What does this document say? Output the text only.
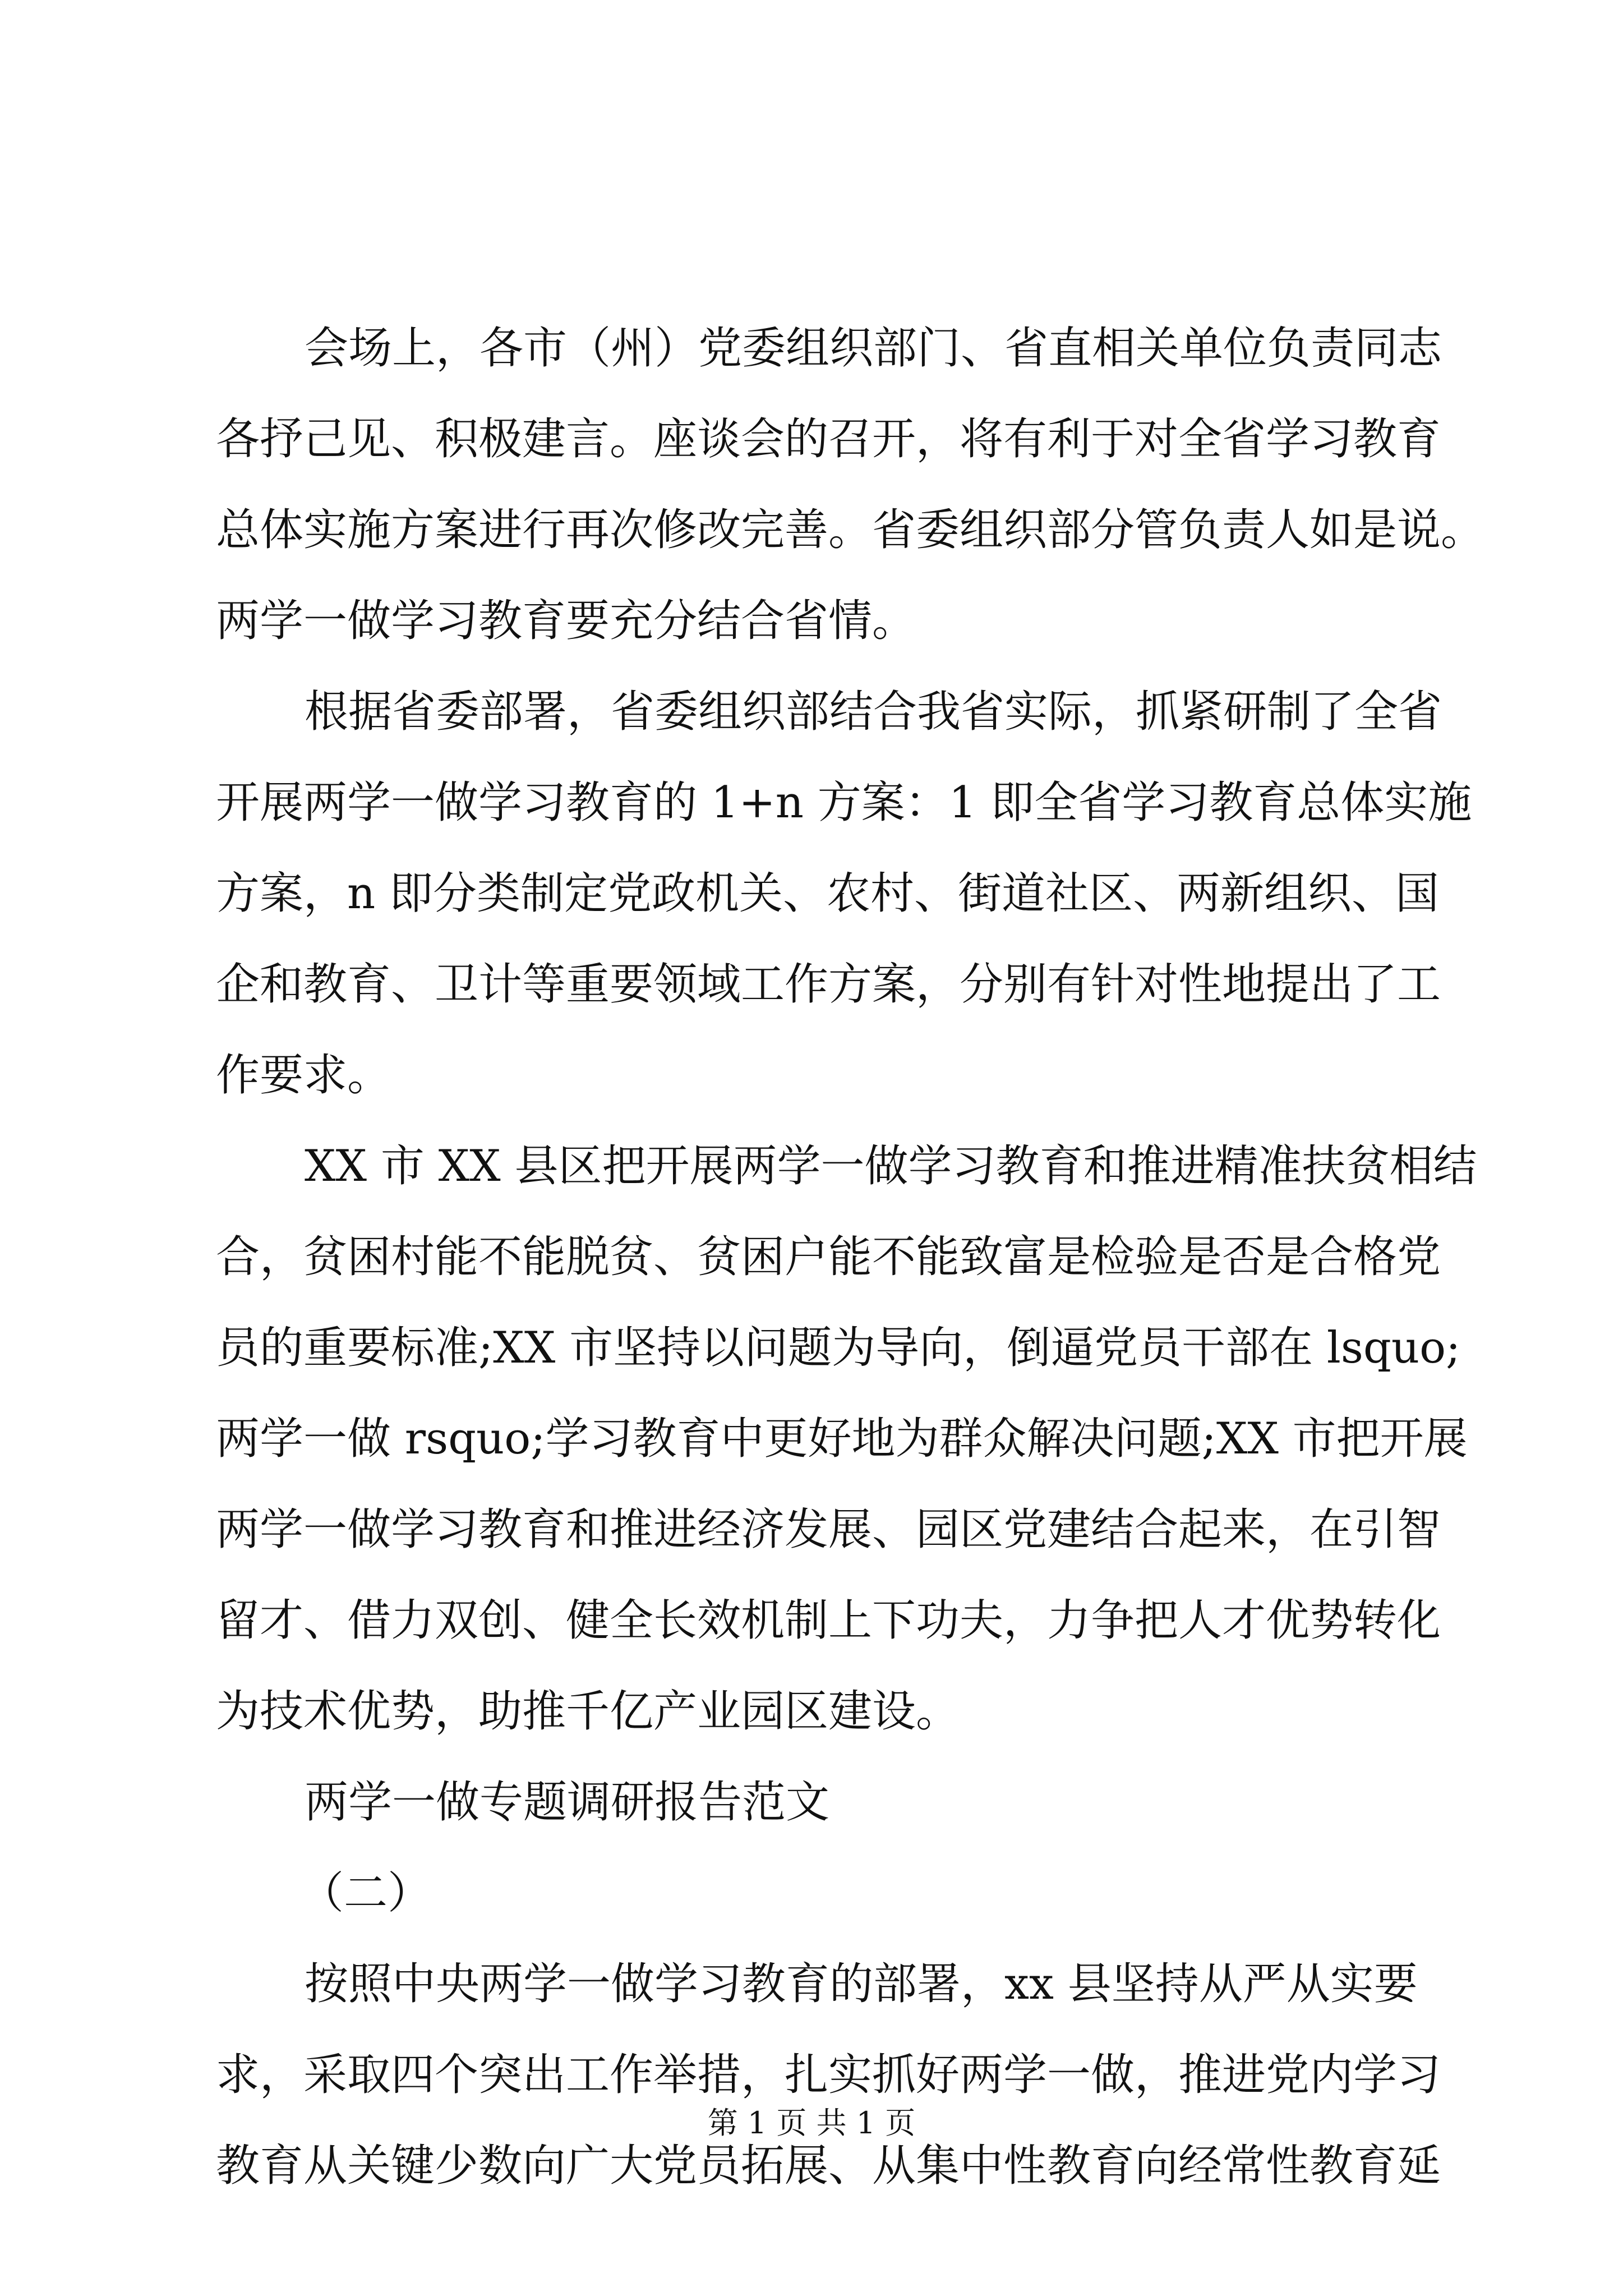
会场上，各市（州）党委组织部门、省直相关单位负责同志
各抒己见、积极建言。座谈会的召开，将有利于对全省学习教育
总体实施方案进行再次修改完善。省委组织部分管负责人如是说。
两学一做学习教育要充分结合省情。
根据省委部署，省委组织部结合我省实际，抓紧研制了全省
开展两学一做学习教育的 1+n 方案：1 即全省学习教育总体实施
方案，n 即分类制定党政机关、农村、街道社区、两新组织、国
企和教育、卫计等重要领域工作方案，分别有针对性地提出了工
作要求。
XX 市 XX 县区把开展两学一做学习教育和推进精准扶贫相结
合，贫困村能不能脱贫、贫困户能不能致富是检验是否是合格党
员的重要标准;XX 市坚持以问题为导向，倒逼党员干部在 lsquo;
两学一做 rsquo;学习教育中更好地为群众解决问题;XX 市把开展
两学一做学习教育和推进经济发展、园区党建结合起来，在引智
留才、借力双创、健全长效机制上下功夫，力争把人才优势转化
为技术优势，助推千亿产业园区建设。
两学一做专题调研报告范文
（二）
按照中央两学一做学习教育的部署，xx 县坚持从严从实要
求，采取四个突出工作举措，扎实抓好两学一做，推进党内学习
教育从关键少数向广大党员拓展、从集中性教育向经常性教育延
第 1 页 共 1 页
